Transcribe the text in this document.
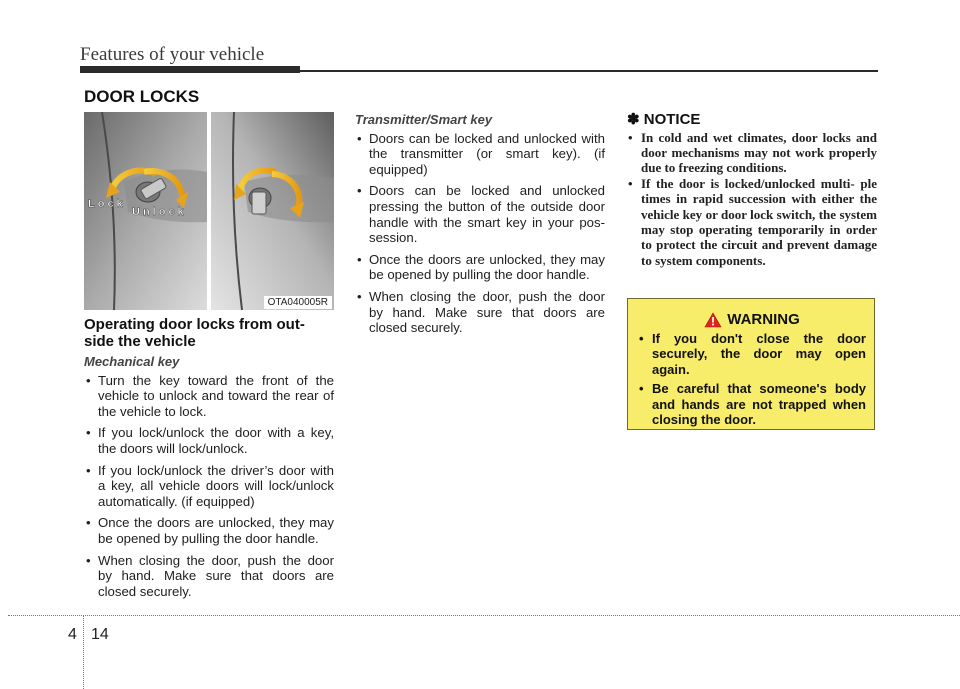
Features of your vehicle
DOOR LOCKS
Lock
Unlock
OTA040005R
Operating door locks from out- side the vehicle
Mechanical key
• Turn the key toward the front of the vehicle to unlock and toward the rear of the vehicle to lock.
• If you lock/unlock the door with a key, the doors will lock/unlock.
• If you lock/unlock the driver’s door with a key, all vehicle doors will lock/unlock automatically. (if equipped)
• Once the doors are unlocked, they may be opened by pulling the door handle.
• When closing the door, push the door by hand. Make sure that doors are closed securely.
Transmitter/Smart key
• Doors can be locked and unlocked with the transmitter (or smart key). (if equipped)
• Doors can be locked and unlocked pressing the button of the outside door handle with the smart key in your pos- session.
• Once the doors are unlocked, they may be opened by pulling the door handle.
• When closing the door, push the door by hand. Make sure that doors are closed securely.
✽ NOTICE
• In cold and wet climates, door locks and door mechanisms may not work properly due to freezing conditions.
• If the door is locked/unlocked multi- ple times in rapid succession with either the vehicle key or door lock switch, the system may stop operating temporarily in order to protect the circuit and prevent damage to system components.
WARNING
• If you don't close the door securely, the door may open again.
• Be careful that someone's body and hands are not trapped when closing the door.
4 14
